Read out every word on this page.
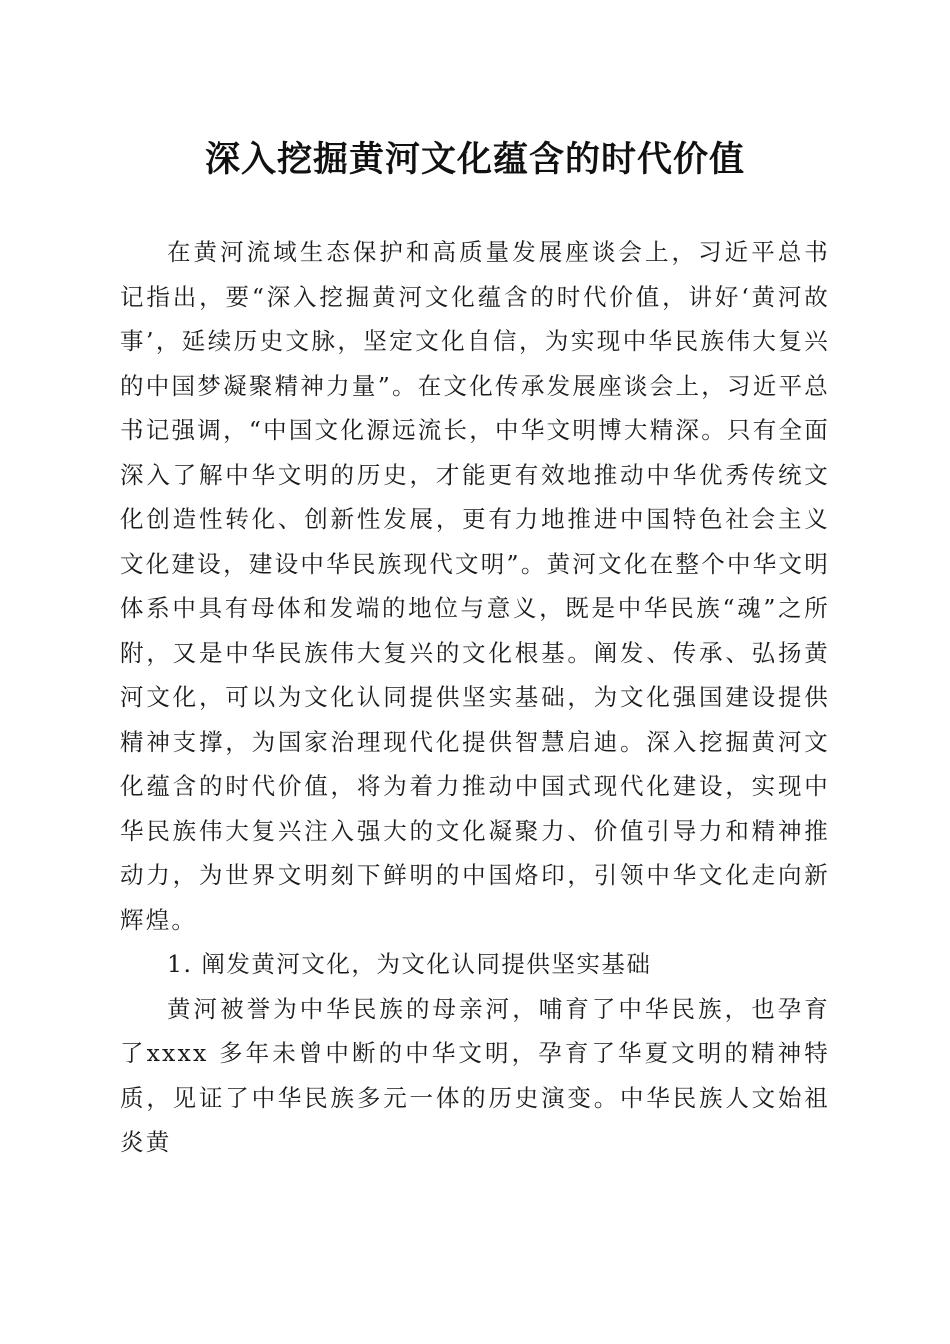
深入挖掘黄河文化蕴含的时代价值

在黄河流域生态保护和高质量发展座谈会上，习近平总书记指出，要“深入挖掘黄河文化蕴含的时代价值，讲好‘黄河故事’，延续历史文脉，坚定文化自信，为实现中华民族伟大复兴的中国梦凝聚精神力量”。在文化传承发展座谈会上，习近平总书记强调，“中国文化源远流长，中华文明博大精深。只有全面深入了解中华文明的历史，才能更有效地推动中华优秀传统文化创造性转化、创新性发展，更有力地推进中国特色社会主义文化建设，建设中华民族现代文明”。黄河文化在整个中华文明体系中具有母体和发端的地位与意义，既是中华民族“魂”之所附，又是中华民族伟大复兴的文化根基。阐发、传承、弘扬黄河文化，可以为文化认同提供坚实基础，为文化强国建设提供精神支撑，为国家治理现代化提供智慧启迪。深入挖掘黄河文化蕴含的时代价值，将为着力推动中国式现代化建设，实现中华民族伟大复兴注入强大的文化凝聚力、价值引导力和精神推动力，为世界文明刻下鲜明的中国烙印，引领中华文化走向新辉煌。

1. 阐发黄河文化，为文化认同提供坚实基础

黄河被誉为中华民族的母亲河，哺育了中华民族，也孕育了xxxx 多年未曾中断的中华文明，孕育了华夏文明的精神特质，见证了中华民族多元一体的历史演变。中华民族人文始祖炎黄
